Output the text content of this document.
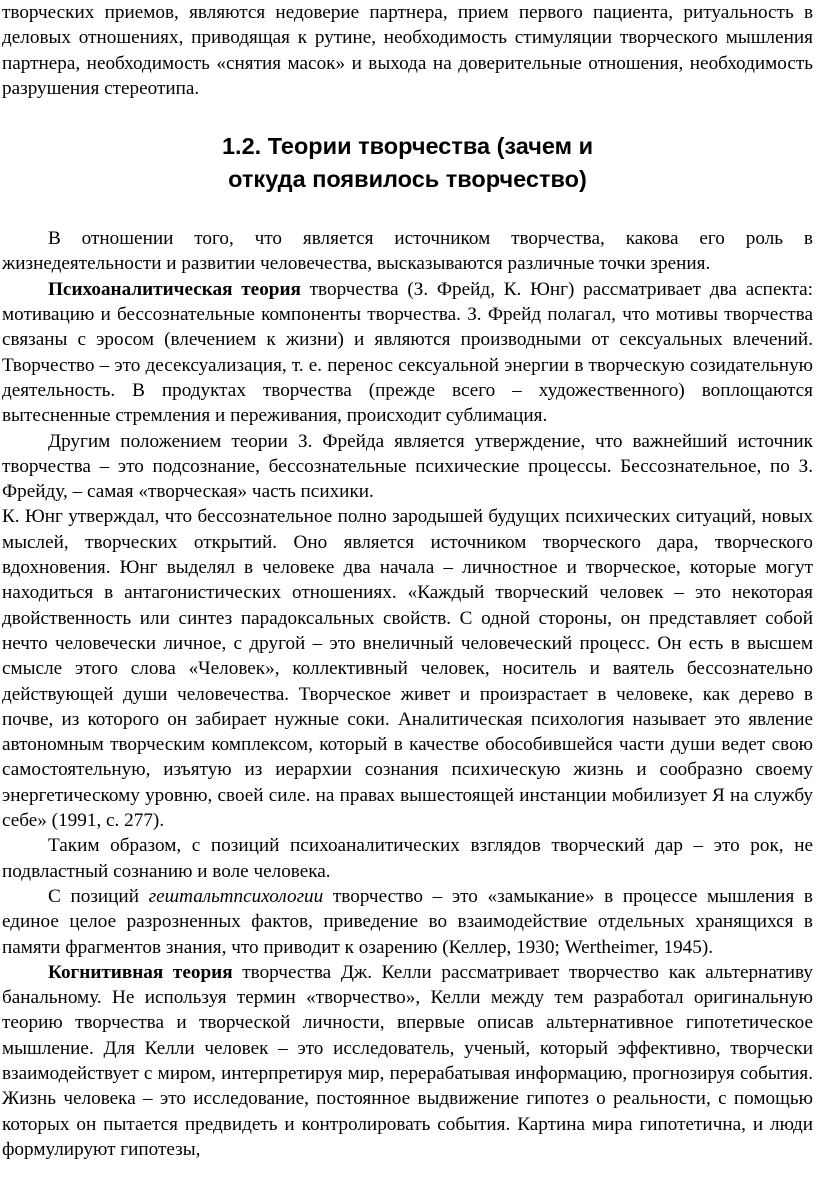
творческих приемов, являются недоверие партнера, прием первого пациента, ритуальность в деловых отношениях, приводящая к рутине, необходимость стимуляции творческого мышления партнера, необходимость «снятия масок» и выхода на доверительные отношения, необходимость разрушения стереотипа.

1.2. Теории творчества (зачем и
откуда появилось творчество)

В отношении того, что является источником творчества, какова его роль в жизнедеятельности и развитии человечества, высказываются различные точки зрения.

Психоаналитическая теория творчества (З. Фрейд, К. Юнг) рассматривает два аспекта: мотивацию и бессознательные компоненты творчества. З. Фрейд полагал, что мотивы творчества связаны с эросом (влечением к жизни) и являются производными от сексуальных влечений. Творчество – это десексуализация, т. е. перенос сексуальной энергии в творческую созидательную деятельность. В продуктах творчества (прежде всего – художественного) воплощаются вытесненные стремления и переживания, происходит сублимация.

Другим положением теории З. Фрейда является утверждение, что важнейший источник творчества – это подсознание, бессознательные психические процессы. Бессознательное, по З. Фрейду, – самая «творческая» часть психики.

К. Юнг утверждал, что бессознательное полно зародышей будущих психических ситуаций, новых мыслей, творческих открытий. Оно является источником творческого дара, творческого вдохновения. Юнг выделял в человеке два начала – личностное и творческое, которые могут находиться в антагонистических отношениях. «Каждый творческий человек – это некоторая двойственность или синтез парадоксальных свойств. С одной стороны, он представляет собой нечто человечески личное, с другой – это внеличный человеческий процесс. Он есть в высшем смысле этого слова «Человек», коллективный человек, носитель и ваятель бессознательно действующей души человечества. Творческое живет и произрастает в человеке, как дерево в почве, из которого он забирает нужные соки. Аналитическая психология называет это явление автономным творческим комплексом, который в качестве обособившейся части души ведет свою самостоятельную, изъятую из иерархии сознания психическую жизнь и сообразно своему энергетическому уровню, своей силе. на правах вышестоящей инстанции мобилизует Я на службу себе» (1991, с. 277).

Таким образом, с позиций психоаналитических взглядов творческий дар – это рок, не подвластный сознанию и воле человека.

С позиций гештальтпсихологии творчество – это «замыкание» в процессе мышления в единое целое разрозненных фактов, приведение во взаимодействие отдельных хранящихся в памяти фрагментов знания, что приводит к озарению (Келлер, 1930; Wertheimer, 1945).

Когнитивная теория творчества Дж. Келли рассматривает творчество как альтернативу банальному. Не используя термин «творчество», Келли между тем разработал оригинальную теорию творчества и творческой личности, впервые описав альтернативное гипотетическое мышление. Для Келли человек – это исследователь, ученый, который эффективно, творчески взаимодействует с миром, интерпретируя мир, перерабатывая информацию, прогнозируя события. Жизнь человека – это исследование, постоянное выдвижение гипотез о реальности, с помощью которых он пытается предвидеть и контролировать события. Картина мира гипотетична, и люди формулируют гипотезы,
